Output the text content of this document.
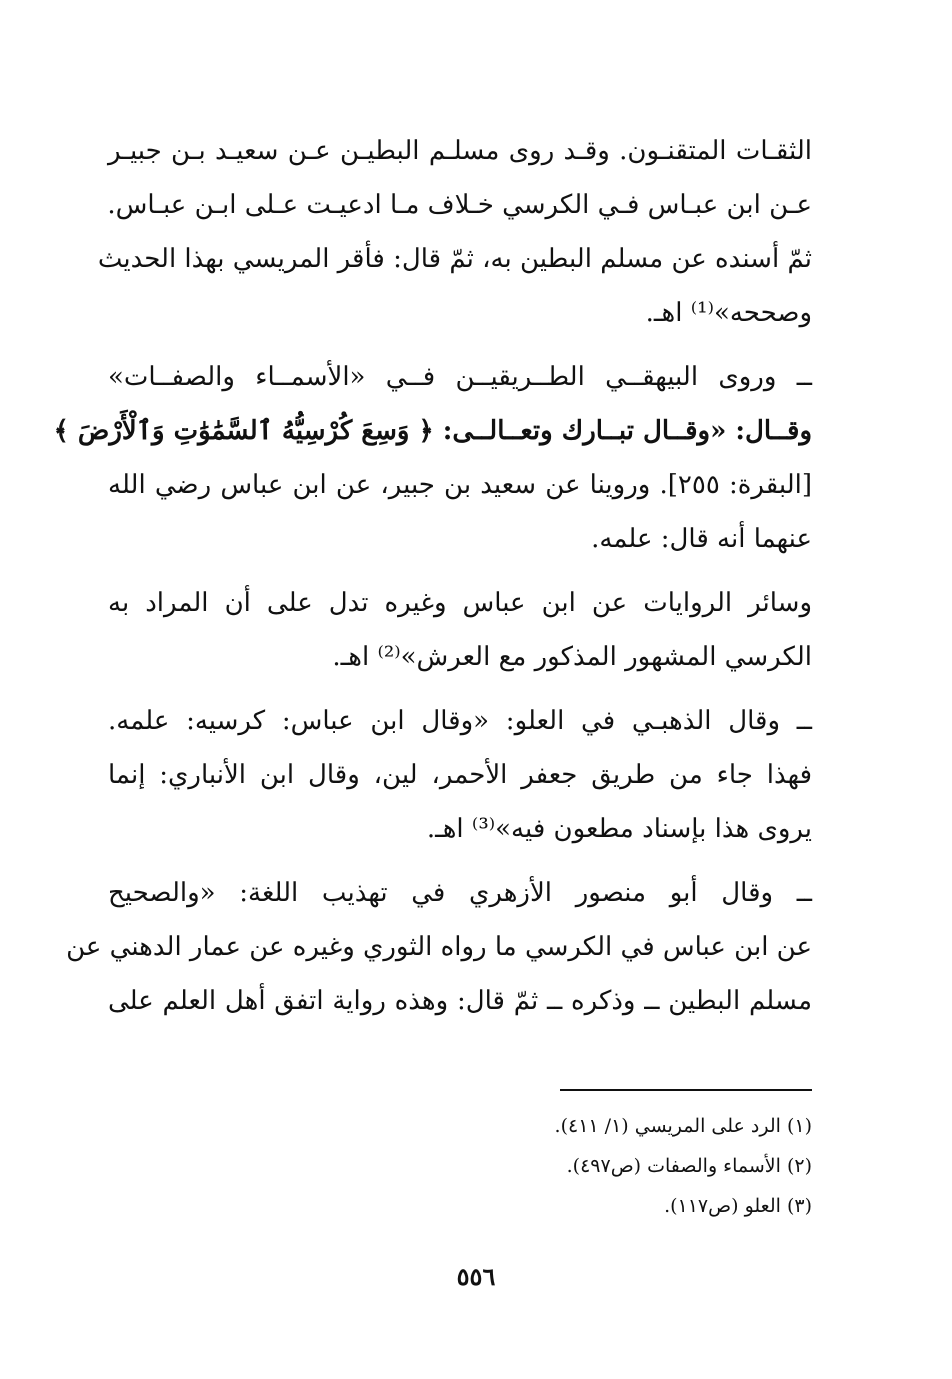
الثقـات المتقنـون. وقـد روى مسلـم البطيـن عـن سعيـد بـن جبيـر
عـن ابن عبـاس فـي الكرسي خـلاف مـا ادعيـت عـلى ابـن عبـاس.
ثمّ أسنده عن مسلم البطين به، ثمّ قال: فأقر المريسي بهذا الحديث
وصححه»⁽¹⁾ اهـ.
ــ وروى البيهقــي الطــريقيــن فــي «الأسمــاء والصفــات»
وقــال: «وقــال تبــارك وتعــالــى: ﴿ وَسِعَ كُرْسِيُّهُ ٱلسَّمَٰوَٰتِ وَٱلْأَرْضَ ﴾
[البقرة: ٢٥٥]. وروينا عن سعيد بن جبير، عن ابن عباس رضي الله
عنهما أنه قال: علمه.
وسائر الروايات عن ابن عباس وغيره تدل على أن المراد به
الكرسي المشهور المذكور مع العرش»⁽²⁾ اهـ.
ــ وقال الذهبـي في العلو: «وقال ابن عباس: كرسيه: علمه.
فهذا جاء من طريق جعفر الأحمر، لين، وقال ابن الأنباري: إنما
يروى هذا بإسناد مطعون فيه»⁽³⁾ اهـ.
ــ وقال أبو منصور الأزهري في تهذيب اللغة: «والصحيح
عن ابن عباس في الكرسي ما رواه الثوري وغيره عن عمار الدهني عن
مسلم البطين ــ وذكره ــ ثمّ قال: وهذه رواية اتفق أهل العلم على
(١) الرد على المريسي (١/ ٤١١).
(٢) الأسماء والصفات (ص٤٩٧).
(٣) العلو (ص١١٧).
٥٥٦
